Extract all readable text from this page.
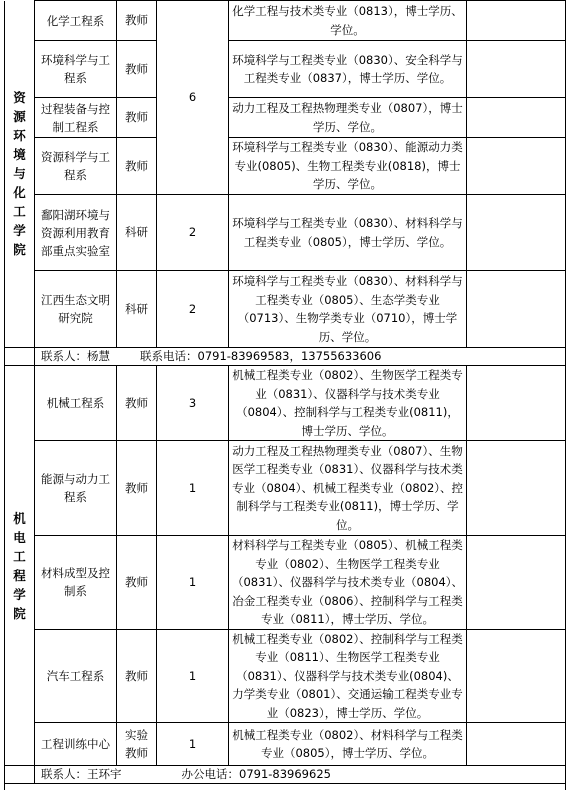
资源环境与化工学院	化学工程系	教师	6	化学工程与技术类专业（0813），博士学历、学位。	
	环境科学与工程系	教师		环境科学与工程类专业（0830）、安全科学与工程类专业（0837），博士学历、学位。	
	过程装备与控制工程系	教师		动力工程及工程热物理类专业（0807），博士学历、学位。	
	资源科学与工程系	教师		环境科学与工程类专业（0830）、能源动力类专业(0805)、生物工程类专业(0818)，博士学历、学位。	
	鄱阳湖环境与资源利用教育部重点实验室	科研	2	环境科学与工程类专业（0830）、材料科学与工程类专业（0805），博士学历、学位。	
	江西生态文明研究院	科研	2	环境科学与工程类专业（0830）、材料科学与工程类专业（0805）、生态学类专业（0713）、生物学类专业（0710），博士学历、学位。	
	联系人：杨慧 联系电话：0791-83969583，13755633606				

机电工程学院	机械工程系	教师	3	机械工程类专业（0802）、生物医学工程类专业（0831）、仪器科学与技术类专业（0804）、控制科学与工程类专业(0811)，博士学历、学位。	
	能源与动力工程系	教师	1	动力工程及工程热物理类专业（0807）、生物医学工程类专业（0831）、仪器科学与技术类专业（0804）、机械工程类专业（0802）、控制科学与工程类专业(0811)，博士学历、学位。	
	材料成型及控制系	教师	1	材料科学与工程类专业（0805）、机械工程类专业（0802）、生物医学工程类专业（0831）、仪器科学与技术类专业（0804）、冶金工程类专业（0806）、控制科学与工程类专业（0811），博士学历、学位。	
	汽车工程系	教师	1	机械工程类专业（0802）、控制科学与工程类专业（0811）、生物医学工程类专业（0831）、仪器科学与技术类专业(0804)、力学类专业（0801）、交通运输工程类专业专业（0823），博士学历、学位。	
	工程训练中心	实验教师	1	机械工程类专业（0802）、材料科学与工程类专业（0805），博士学历、学位。	
	联系人：王环宇 办公电话：0791-83969625				
